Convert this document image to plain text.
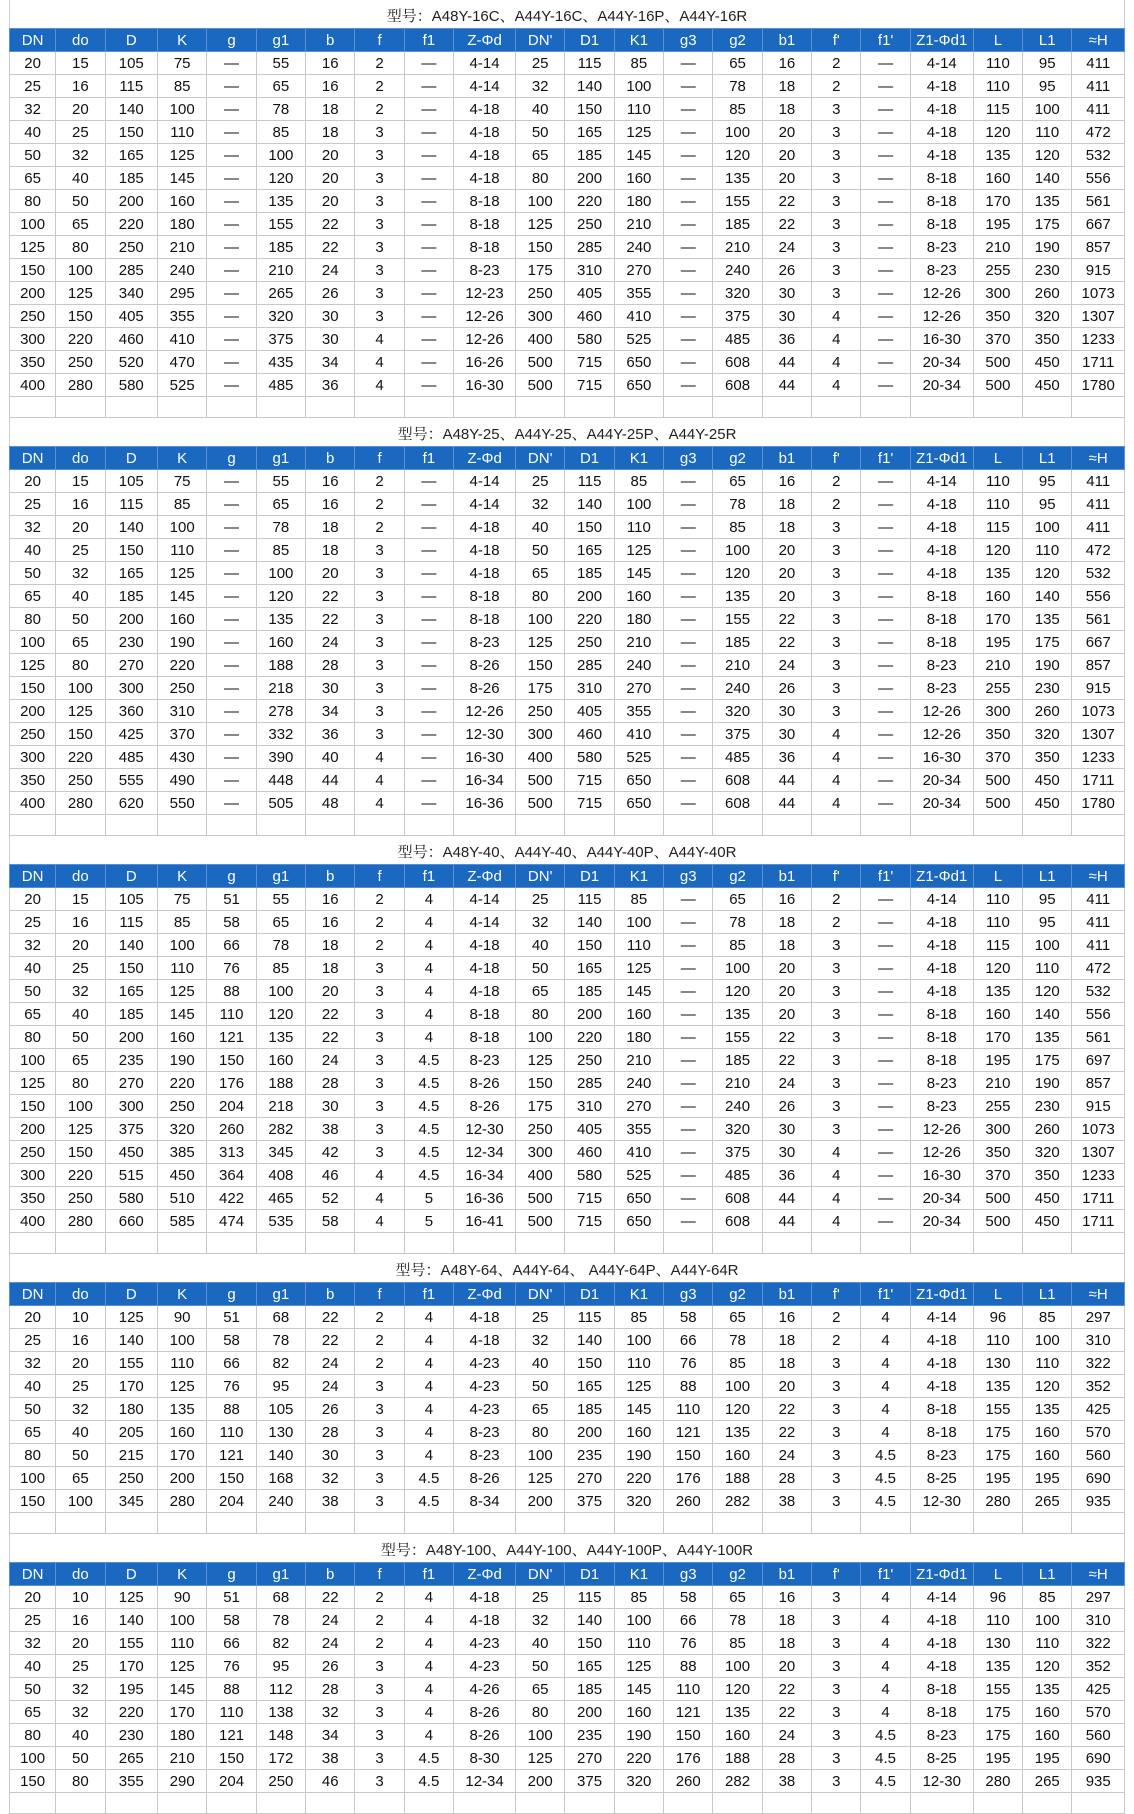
型号：A48Y-16C、A44Y-16C、A44Y-16P、A44Y-16R
DN	do	D	K	g	g1	b	f	f1	Z-Φd	DN'	D1	K1	g3	g2	b1	f'	f1'	Z1-Φd1	L	L1	≈H
20	15	105	75	—	55	16	2	—	4-14	25	115	85	—	65	16	2	—	4-14	110	95	411
25	16	115	85	—	65	16	2	—	4-14	32	140	100	—	78	18	2	—	4-18	110	95	411
32	20	140	100	—	78	18	2	—	4-18	40	150	110	—	85	18	3	—	4-18	115	100	411
40	25	150	110	—	85	18	3	—	4-18	50	165	125	—	100	20	3	—	4-18	120	110	472
50	32	165	125	—	100	20	3	—	4-18	65	185	145	—	120	20	3	—	4-18	135	120	532
65	40	185	145	—	120	20	3	—	4-18	80	200	160	—	135	20	3	—	8-18	160	140	556
80	50	200	160	—	135	20	3	—	8-18	100	220	180	—	155	22	3	—	8-18	170	135	561
100	65	220	180	—	155	22	3	—	8-18	125	250	210	—	185	22	3	—	8-18	195	175	667
125	80	250	210	—	185	22	3	—	8-18	150	285	240	—	210	24	3	—	8-23	210	190	857
150	100	285	240	—	210	24	3	—	8-23	175	310	270	—	240	26	3	—	8-23	255	230	915
200	125	340	295	—	265	26	3	—	12-23	250	405	355	—	320	30	3	—	12-26	300	260	1073
250	150	405	355	—	320	30	3	—	12-26	300	460	410	—	375	30	4	—	12-26	350	320	1307
300	220	460	410	—	375	30	4	—	12-26	400	580	525	—	485	36	4	—	16-30	370	350	1233
350	250	520	470	—	435	34	4	—	16-26	500	715	650	—	608	44	4	—	20-34	500	450	1711
400	280	580	525	—	485	36	4	—	16-30	500	715	650	—	608	44	4	—	20-34	500	450	1780

型号：A48Y-25、A44Y-25、A44Y-25P、A44Y-25R
DN	do	D	K	g	g1	b	f	f1	Z-Φd	DN'	D1	K1	g3	g2	b1	f'	f1'	Z1-Φd1	L	L1	≈H
20	15	105	75	—	55	16	2	—	4-14	25	115	85	—	65	16	2	—	4-14	110	95	411
25	16	115	85	—	65	16	2	—	4-14	32	140	100	—	78	18	2	—	4-18	110	95	411
32	20	140	100	—	78	18	2	—	4-18	40	150	110	—	85	18	3	—	4-18	115	100	411
40	25	150	110	—	85	18	3	—	4-18	50	165	125	—	100	20	3	—	4-18	120	110	472
50	32	165	125	—	100	20	3	—	4-18	65	185	145	—	120	20	3	—	4-18	135	120	532
65	40	185	145	—	120	22	3	—	8-18	80	200	160	—	135	20	3	—	8-18	160	140	556
80	50	200	160	—	135	22	3	—	8-18	100	220	180	—	155	22	3	—	8-18	170	135	561
100	65	230	190	—	160	24	3	—	8-23	125	250	210	—	185	22	3	—	8-18	195	175	667
125	80	270	220	—	188	28	3	—	8-26	150	285	240	—	210	24	3	—	8-23	210	190	857
150	100	300	250	—	218	30	3	—	8-26	175	310	270	—	240	26	3	—	8-23	255	230	915
200	125	360	310	—	278	34	3	—	12-26	250	405	355	—	320	30	3	—	12-26	300	260	1073
250	150	425	370	—	332	36	3	—	12-30	300	460	410	—	375	30	4	—	12-26	350	320	1307
300	220	485	430	—	390	40	4	—	16-30	400	580	525	—	485	36	4	—	16-30	370	350	1233
350	250	555	490	—	448	44	4	—	16-34	500	715	650	—	608	44	4	—	20-34	500	450	1711
400	280	620	550	—	505	48	4	—	16-36	500	715	650	—	608	44	4	—	20-34	500	450	1780

型号：A48Y-40、A44Y-40、A44Y-40P、A44Y-40R
DN	do	D	K	g	g1	b	f	f1	Z-Φd	DN'	D1	K1	g3	g2	b1	f'	f1'	Z1-Φd1	L	L1	≈H
20	15	105	75	51	55	16	2	4	4-14	25	115	85	—	65	16	2	—	4-14	110	95	411
25	16	115	85	58	65	16	2	4	4-14	32	140	100	—	78	18	2	—	4-18	110	95	411
32	20	140	100	66	78	18	2	4	4-18	40	150	110	—	85	18	3	—	4-18	115	100	411
40	25	150	110	76	85	18	3	4	4-18	50	165	125	—	100	20	3	—	4-18	120	110	472
50	32	165	125	88	100	20	3	4	4-18	65	185	145	—	120	20	3	—	4-18	135	120	532
65	40	185	145	110	120	22	3	4	8-18	80	200	160	—	135	20	3	—	8-18	160	140	556
80	50	200	160	121	135	22	3	4	8-18	100	220	180	—	155	22	3	—	8-18	170	135	561
100	65	235	190	150	160	24	3	4.5	8-23	125	250	210	—	185	22	3	—	8-18	195	175	697
125	80	270	220	176	188	28	3	4.5	8-26	150	285	240	—	210	24	3	—	8-23	210	190	857
150	100	300	250	204	218	30	3	4.5	8-26	175	310	270	—	240	26	3	—	8-23	255	230	915
200	125	375	320	260	282	38	3	4.5	12-30	250	405	355	—	320	30	3	—	12-26	300	260	1073
250	150	450	385	313	345	42	3	4.5	12-34	300	460	410	—	375	30	4	—	12-26	350	320	1307
300	220	515	450	364	408	46	4	4.5	16-34	400	580	525	—	485	36	4	—	16-30	370	350	1233
350	250	580	510	422	465	52	4	5	16-36	500	715	650	—	608	44	4	—	20-34	500	450	1711
400	280	660	585	474	535	58	4	5	16-41	500	715	650	—	608	44	4	—	20-34	500	450	1711

型号：A48Y-64、A44Y-64、 A44Y-64P、A44Y-64R
DN	do	D	K	g	g1	b	f	f1	Z-Φd	DN'	D1	K1	g3	g2	b1	f'	f1'	Z1-Φd1	L	L1	≈H
20	10	125	90	51	68	22	2	4	4-18	25	115	85	58	65	16	2	4	4-14	96	85	297
25	16	140	100	58	78	22	2	4	4-18	32	140	100	66	78	18	2	4	4-18	110	100	310
32	20	155	110	66	82	24	2	4	4-23	40	150	110	76	85	18	3	4	4-18	130	110	322
40	25	170	125	76	95	24	3	4	4-23	50	165	125	88	100	20	3	4	4-18	135	120	352
50	32	180	135	88	105	26	3	4	4-23	65	185	145	110	120	22	3	4	8-18	155	135	425
65	40	205	160	110	130	28	3	4	8-23	80	200	160	121	135	22	3	4	8-18	175	160	570
80	50	215	170	121	140	30	3	4	8-23	100	235	190	150	160	24	3	4.5	8-23	175	160	560
100	65	250	200	150	168	32	3	4.5	8-26	125	270	220	176	188	28	3	4.5	8-25	195	195	690
150	100	345	280	204	240	38	3	4.5	8-34	200	375	320	260	282	38	3	4.5	12-30	280	265	935

型号：A48Y-100、A44Y-100、A44Y-100P、A44Y-100R
DN	do	D	K	g	g1	b	f	f1	Z-Φd	DN'	D1	K1	g3	g2	b1	f'	f1'	Z1-Φd1	L	L1	≈H
20	10	125	90	51	68	22	2	4	4-18	25	115	85	58	65	16	3	4	4-14	96	85	297
25	16	140	100	58	78	24	2	4	4-18	32	140	100	66	78	18	3	4	4-18	110	100	310
32	20	155	110	66	82	24	2	4	4-23	40	150	110	76	85	18	3	4	4-18	130	110	322
40	25	170	125	76	95	26	3	4	4-23	50	165	125	88	100	20	3	4	4-18	135	120	352
50	32	195	145	88	112	28	3	4	4-26	65	185	145	110	120	22	3	4	8-18	155	135	425
65	32	220	170	110	138	32	3	4	8-26	80	200	160	121	135	22	3	4	8-18	175	160	570
80	40	230	180	121	148	34	3	4	8-26	100	235	190	150	160	24	3	4.5	8-23	175	160	560
100	50	265	210	150	172	38	3	4.5	8-30	125	270	220	176	188	28	3	4.5	8-25	195	195	690
150	80	355	290	204	250	46	3	4.5	12-34	200	375	320	260	282	38	3	4.5	12-30	280	265	935
